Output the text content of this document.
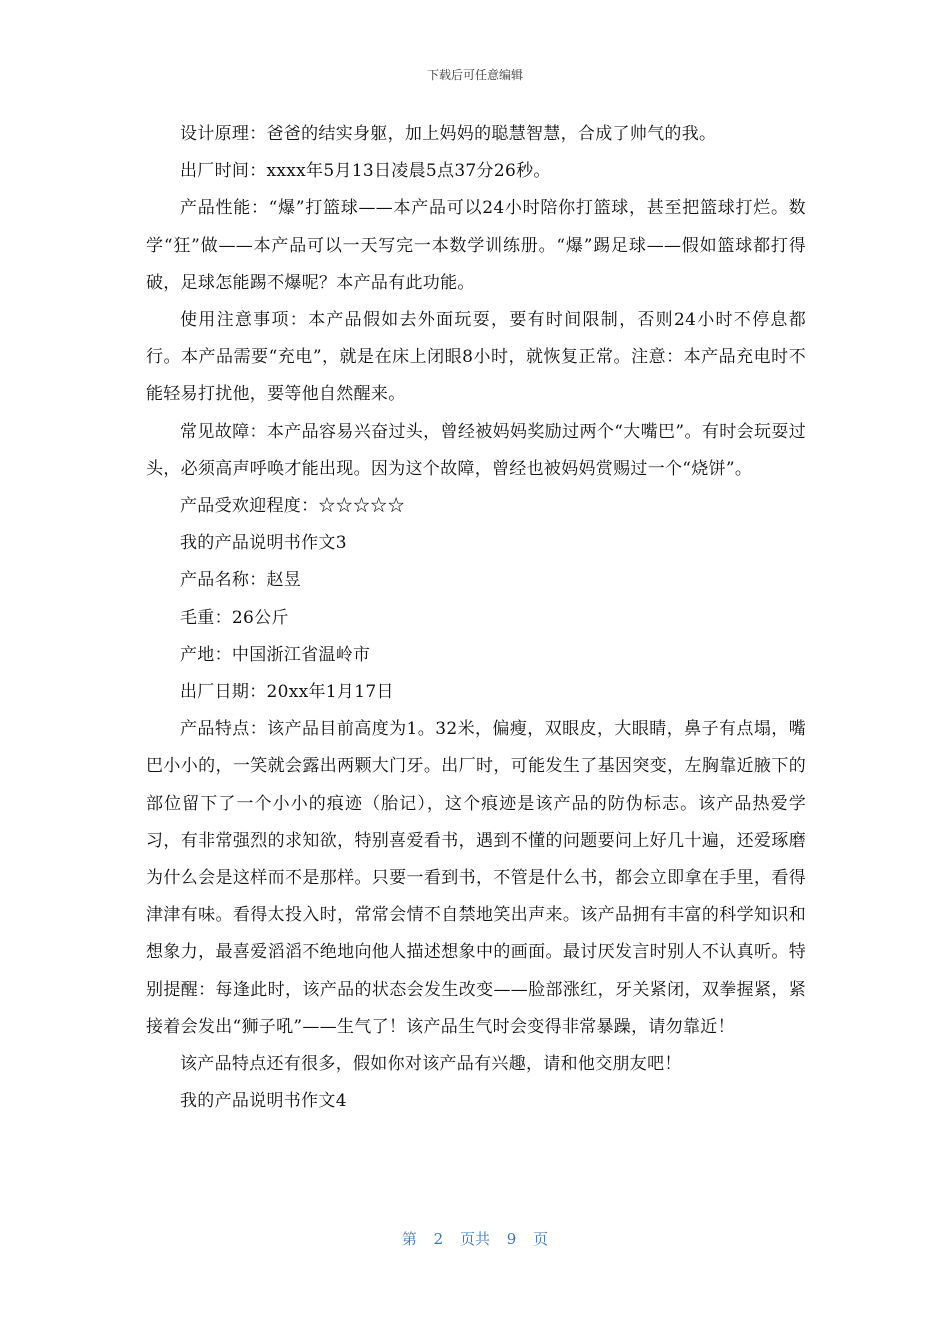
下载后可任意编辑

设计原理：爸爸的结实身躯，加上妈妈的聪慧智慧，合成了帅气的我。

出厂时间：xxxx年5月13日凌晨5点37分26秒。

产品性能：“爆”打篮球——本产品可以24小时陪你打篮球，甚至把篮球打烂。数学“狂”做——本产品可以一天写完一本数学训练册。“爆”踢足球——假如篮球都打得破，足球怎能踢不爆呢？本产品有此功能。

使用注意事项：本产品假如去外面玩耍，要有时间限制，否则24小时不停息都行。本产品需要“充电”，就是在床上闭眼8小时，就恢复正常。注意：本产品充电时不能轻易打扰他，要等他自然醒来。

常见故障：本产品容易兴奋过头，曾经被妈妈奖励过两个“大嘴巴”。有时会玩耍过头，必须高声呼唤才能出现。因为这个故障，曾经也被妈妈赏赐过一个“烧饼”。

产品受欢迎程度：☆☆☆☆☆

我的产品说明书作文3

产品名称：赵昱

毛重：26公斤

产地：中国浙江省温岭市

出厂日期：20xx年1月17日

产品特点：该产品目前高度为1。32米，偏瘦，双眼皮，大眼睛，鼻子有点塌，嘴巴小小的，一笑就会露出两颗大门牙。出厂时，可能发生了基因突变，左胸靠近腋下的部位留下了一个小小的痕迹（胎记），这个痕迹是该产品的防伪标志。该产品热爱学习，有非常强烈的求知欲，特别喜爱看书，遇到不懂的问题要问上好几十遍，还爱琢磨为什么会是这样而不是那样。只要一看到书，不管是什么书，都会立即拿在手里，看得津津有味。看得太投入时，常常会情不自禁地笑出声来。该产品拥有丰富的科学知识和想象力，最喜爱滔滔不绝地向他人描述想象中的画面。最讨厌发言时别人不认真听。特别提醒：每逢此时，该产品的状态会发生改变——脸部涨红，牙关紧闭，双拳握紧，紧接着会发出“狮子吼”——生气了！该产品生气时会变得非常暴躁，请勿靠近！

该产品特点还有很多，假如你对该产品有兴趣，请和他交朋友吧！

我的产品说明书作文4

第 2 页共 9 页
